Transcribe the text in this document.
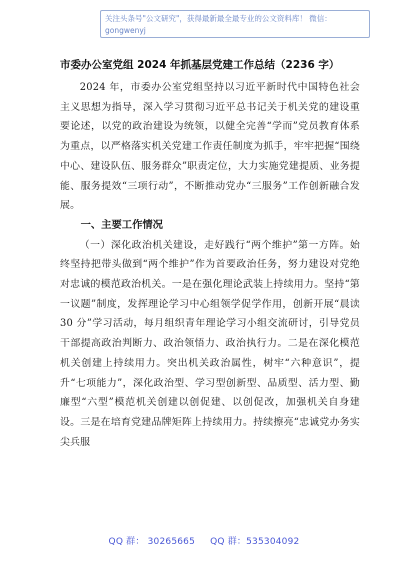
关注头条号"公文研究"，获得最新最全最专业的公文资料库！ 微信：gongwenyj
市委办公室党组 2024 年抓基层党建工作总结（2236 字）

2024 年，市委办公室党组坚持以习近平新时代中国特色社会主义思想为指导，深入学习贯彻习近平总书记关于机关党的建设重要论述，以党的政治建设为统领，以健全完善“学而”党员教育体系为重点，以严格落实机关党建工作责任制度为抓手，牢牢把握“围绕中心、建设队伍、服务群众”职责定位，大力实施党建提质、业务提能、服务提效“三项行动”，不断推动党办“三服务”工作创新融合发展。

一、主要工作情况

（一）深化政治机关建设，走好践行“两个维护”第一方阵。始终坚持把带头做到“两个维护”作为首要政治任务，努力建设对党绝对忠诚的模范政治机关。一是在强化理论武装上持续用力。坚持“第一议题”制度，发挥理论学习中心组领学促学作用，创新开展“晨读 30 分”学习活动，每月组织青年理论学习小组交流研讨，引导党员干部提高政治判断力、政治领悟力、政治执行力。二是在深化模范机关创建上持续用力。突出机关政治属性，树牢“六种意识”，提升“七项能力”，深化政治型、学习型创新型、品质型、活力型、勤廉型“六型”模范机关创建以创促建、以创促改，加强机关自身建设。三是在培育党建品牌矩阵上持续用力。持续擦亮“忠诚党办务实尖兵服

QQ 群： 30265665 QQ 群：535304092
